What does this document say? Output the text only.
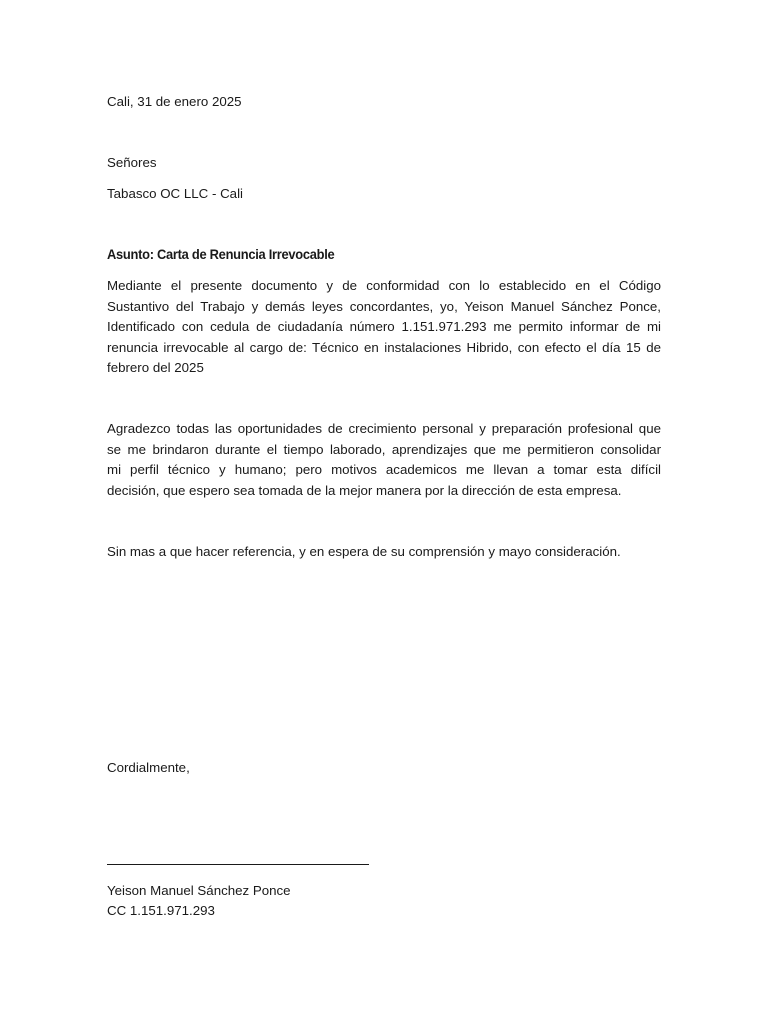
Cali, 31 de enero 2025
Señores
Tabasco OC LLC - Cali
Asunto: Carta de Renuncia Irrevocable
Mediante el presente documento y de conformidad con lo establecido en el Código
Sustantivo del Trabajo y demás leyes concordantes, yo, Yeison Manuel Sánchez Ponce,
Identificado con cedula de ciudadanía número 1.151.971.293 me permito informar de mi
renuncia irrevocable al cargo de: Técnico en instalaciones Hibrido, con efecto el día 15 de
febrero del 2025
Agradezco todas las oportunidades de crecimiento personal y preparación profesional que
se me brindaron durante el tiempo laborado, aprendizajes que me permitieron consolidar
mi perfil técnico y humano; pero motivos academicos me llevan a tomar esta difícil
decisión, que espero sea tomada de la mejor manera por la dirección de esta empresa.
Sin mas a que hacer referencia, y en espera de su comprensión y mayo consideración.
Cordialmente,
Yeison Manuel Sánchez Ponce
CC 1.151.971.293
